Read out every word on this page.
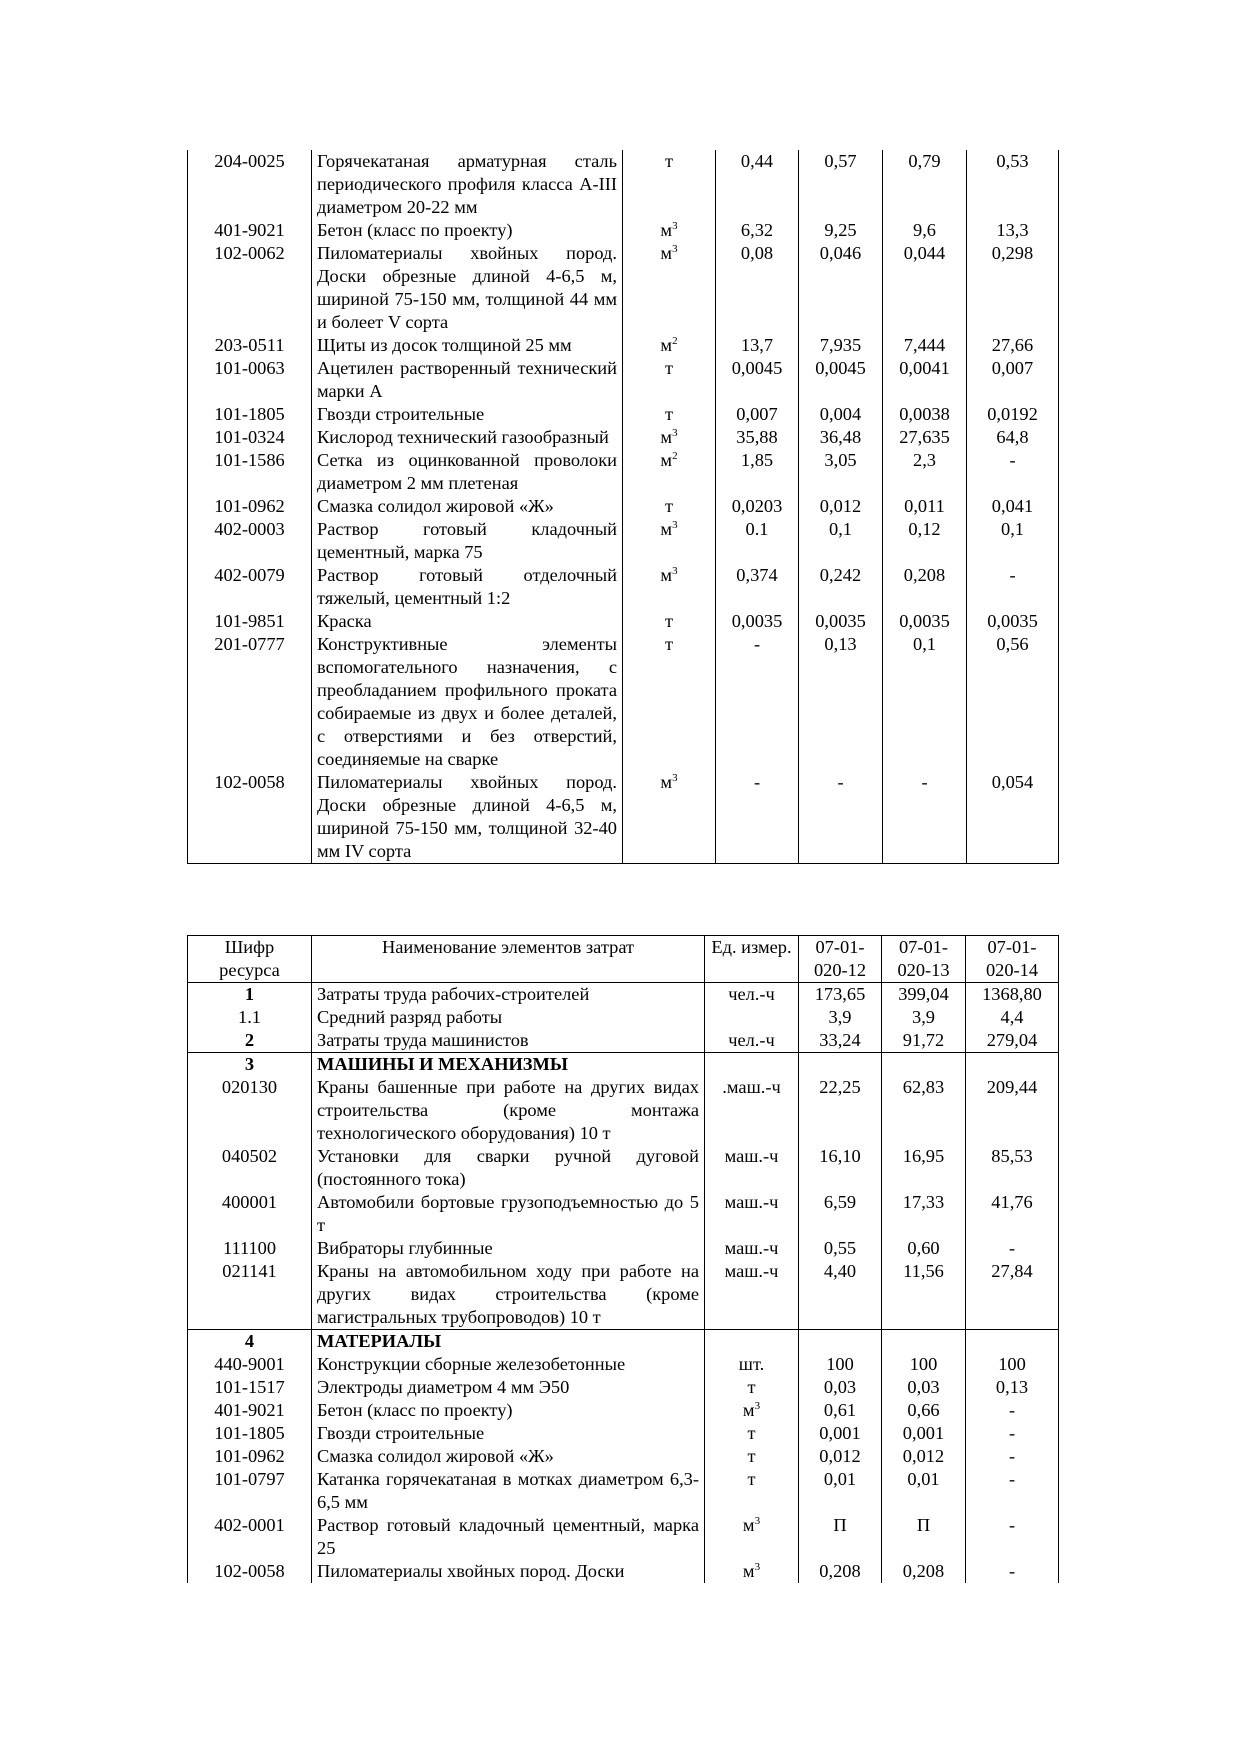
204-0025	Горячекатаная арматурная сталь периодического профиля класса А-III диаметром 20-22 мм	т	0,44	0,57	0,79	0,53
401-9021	Бетон (класс по проекту)	$м^3$	6,32	9,25	9,6	13,3
102-0062	Пиломатериалы хвойных пород. Доски обрезные длиной 4-6,5 м, шириной 75-150 мм, толщиной 44 мм и болеет V сорта	$м^3$	0,08	0,046	0,044	0,298
203-0511	Щиты из досок толщиной 25 мм	$м^2$	13,7	7,935	7,444	27,66
101-0063	Ацетилен растворенный технический марки А	т	0,0045	0,0045	0,0041	0,007
101-1805	Гвозди строительные	т	0,007	0,004	0,0038	0,0192
101-0324	Кислород технический газообразный	$м^3$	35,88	36,48	27,635	64,8
101-1586	Сетка из оцинкованной проволоки диаметром 2 мм плетеная	$м^2$	1,85	3,05	2,3	-
101-0962	Смазка солидол жировой «Ж»	т	0,0203	0,012	0,011	0,041
402-0003	Раствор готовый кладочный цементный, марка 75	$м^3$	0.1	0,1	0,12	0,1
402-0079	Раствор готовый отделочный тяжелый, цементный 1:2	$м^3$	0,374	0,242	0,208	-
101-9851	Краска	т	0,0035	0,0035	0,0035	0,0035
201-0777	Конструктивные элементы вспомогательного назначения, с преобладанием профильного проката собираемые из двух и более деталей, с отверстиями и без отверстий, соединяемые на сварке	т	-	0,13	0,1	0,56
102-0058	Пиломатериалы хвойных пород. Доски обрезные длиной 4-6,5 м, шириной 75-150 мм, толщиной 32-40 мм IV сорта	$м^3$	-	-	-	0,054
Шифр ресурса	Наименование элементов затрат	Ед. измер.	07-01-020-12	07-01-020-13	07-01-020-14
1	Затраты труда рабочих-строителей	чел.-ч	173,65	399,04	1368,80
1.1	Средний разряд работы		3,9	3,9	4,4
2	Затраты труда машинистов	чел.-ч	33,24	91,72	279,04
3	МАШИНЫ И МЕХАНИЗМЫ				
020130	Краны башенные при работе на других видах строительства (кроме монтажа технологического оборудования) 10 т	.маш.-ч	22,25	62,83	209,44
040502	Установки для сварки ручной дуговой (постоянного тока)	маш.-ч	16,10	16,95	85,53
400001	Автомобили бортовые грузоподъемностью до 5 т	маш.-ч	6,59	17,33	41,76
111100	Вибраторы глубинные	маш.-ч	0,55	0,60	-
021141	Краны на автомобильном ходу при работе на других видах строительства (кроме магистральных трубопроводов) 10 т	маш.-ч	4,40	11,56	27,84
4	МАТЕРИАЛЫ				
440-9001	Конструкции сборные железобетонные	шт.	100	100	100
101-1517	Электроды диаметром 4 мм Э50	т	0,03	0,03	0,13
401-9021	Бетон (класс по проекту)	$м^3$	0,61	0,66	-
101-1805	Гвозди строительные	т	0,001	0,001	-
101-0962	Смазка солидол жировой «Ж»	т	0,012	0,012	-
101-0797	Катанка горячекатаная в мотках диаметром 6,3-6,5 мм	т	0,01	0,01	-
402-0001	Раствор готовый кладочный цементный, марка 25	$м^3$	П	П	-
102-0058	Пиломатериалы хвойных пород. Доски	$м^3$	0,208	0,208	-
